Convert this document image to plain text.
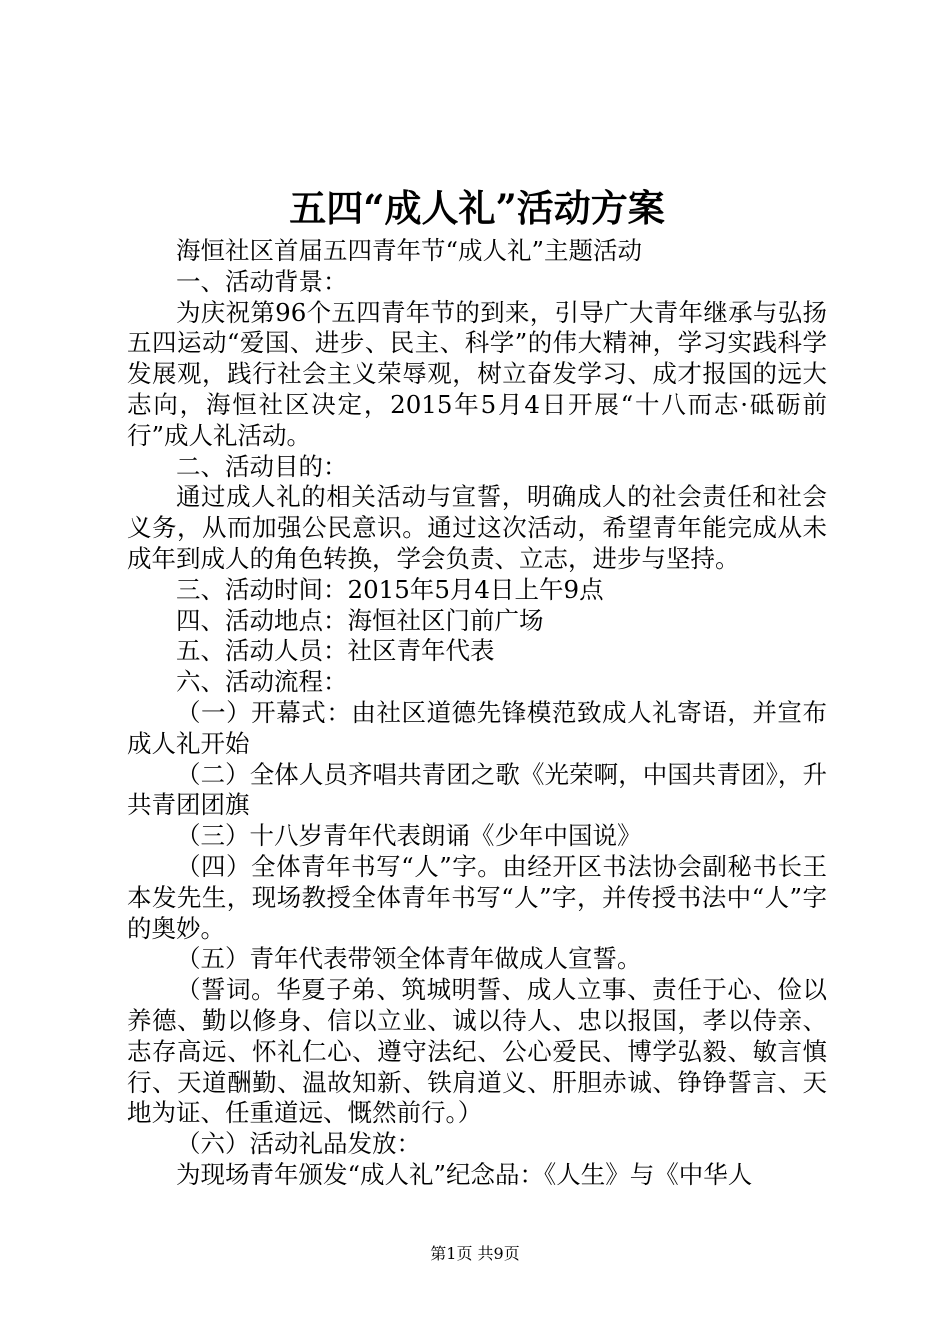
五四“成人礼”活动方案

海恒社区首届五四青年节“成人礼”主题活动

一、活动背景：

为庆祝第96个五四青年节的到来，引导广大青年继承与弘扬五四运动“爱国、进步、民主、科学”的伟大精神，学习实践科学发展观，践行社会主义荣辱观，树立奋发学习、成才报国的远大志向，海恒社区决定，2015年5月4日开展“十八而志·砥砺前行”成人礼活动。

二、活动目的：

通过成人礼的相关活动与宣誓，明确成人的社会责任和社会义务，从而加强公民意识。通过这次活动，希望青年能完成从未成年到成人的角色转换，学会负责、立志，进步与坚持。

三、活动时间：2015年5月4日上午9点

四、活动地点：海恒社区门前广场

五、活动人员：社区青年代表

六、活动流程：

（一）开幕式：由社区道德先锋模范致成人礼寄语，并宣布成人礼开始

（二）全体人员齐唱共青团之歌《光荣啊，中国共青团》，升共青团团旗

（三）十八岁青年代表朗诵《少年中国说》

（四）全体青年书写“人”字。由经开区书法协会副秘书长王本发先生，现场教授全体青年书写“人”字，并传授书法中“人”字的奥妙。

（五）青年代表带领全体青年做成人宣誓。

（誓词。华夏子弟、筑城明誓、成人立事、责任于心、俭以养德、勤以修身、信以立业、诚以待人、忠以报国，孝以侍亲、志存高远、怀礼仁心、遵守法纪、公心爱民、博学弘毅、敏言慎行、天道酬勤、温故知新、铁肩道义、肝胆赤诚、铮铮誓言、天地为证、任重道远、慨然前行。）

（六）活动礼品发放：

为现场青年颁发“成人礼”纪念品：《人生》与《中华人

第1页 共9页
